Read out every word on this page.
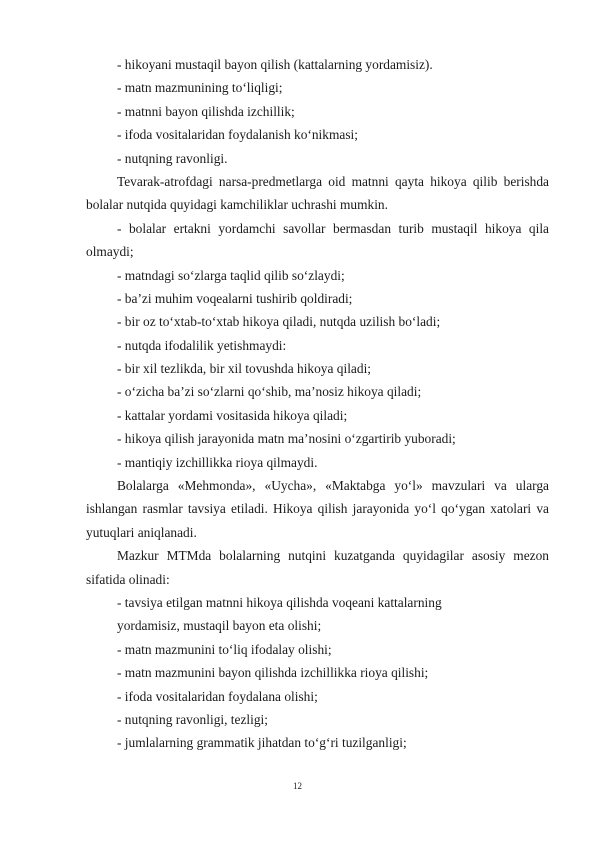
- hikoyani mustaqil bayon qilish (kattalarning yordamisiz).
- matn mazmunining to‘liqligi;
- matnni bayon qilishda izchillik;
- ifoda vositalaridan foydalanish ko‘nikmasi;
- nutqning ravonligi.
Tevarak-atrofdagi narsa-predmetlarga oid matnni qayta hikoya qilib berishda
bolalar nutqida quyidagi kamchiliklar uchrashi mumkin.
- bolalar ertakni yordamchi savollar bermasdan turib mustaqil hikoya qila
olmaydi;
- matndagi so‘zlarga taqlid qilib so‘zlaydi;
- ba’zi muhim voqealarni tushirib qoldiradi;
- bir oz to‘xtab-to‘xtab hikoya qiladi, nutqda uzilish bo‘ladi;
- nutqda ifodalilik yetishmaydi:
- bir xil tezlikda, bir xil tovushda hikoya qiladi;
- o‘zicha ba’zi so‘zlarni qo‘shib, ma’nosiz hikoya qiladi;
- kattalar yordami vositasida hikoya qiladi;
- hikoya qilish jarayonida matn ma’nosini o‘zgartirib yuboradi;
- mantiqiy izchillikka rioya qilmaydi.
Bolalarga «Mehmonda», «Uycha», «Maktabga yo‘l» mavzulari va ularga
ishlangan rasmlar tavsiya etiladi. Hikoya qilish jarayonida yo‘l qo‘ygan xatolari va
yutuqlari aniqlanadi.
Mazkur MTMda bolalarning nutqini kuzatganda quyidagilar asosiy mezon
sifatida olinadi:
- tavsiya etilgan matnni hikoya qilishda voqeani kattalarning
yordamisiz, mustaqil bayon eta olishi;
- matn mazmunini to‘liq ifodalay olishi;
- matn mazmunini bayon qilishda izchillikka rioya qilishi;
- ifoda vositalaridan foydalana olishi;
- nutqning ravonligi, tezligi;
- jumlalarning grammatik jihatdan to‘g‘ri tuzilganligi;
12
